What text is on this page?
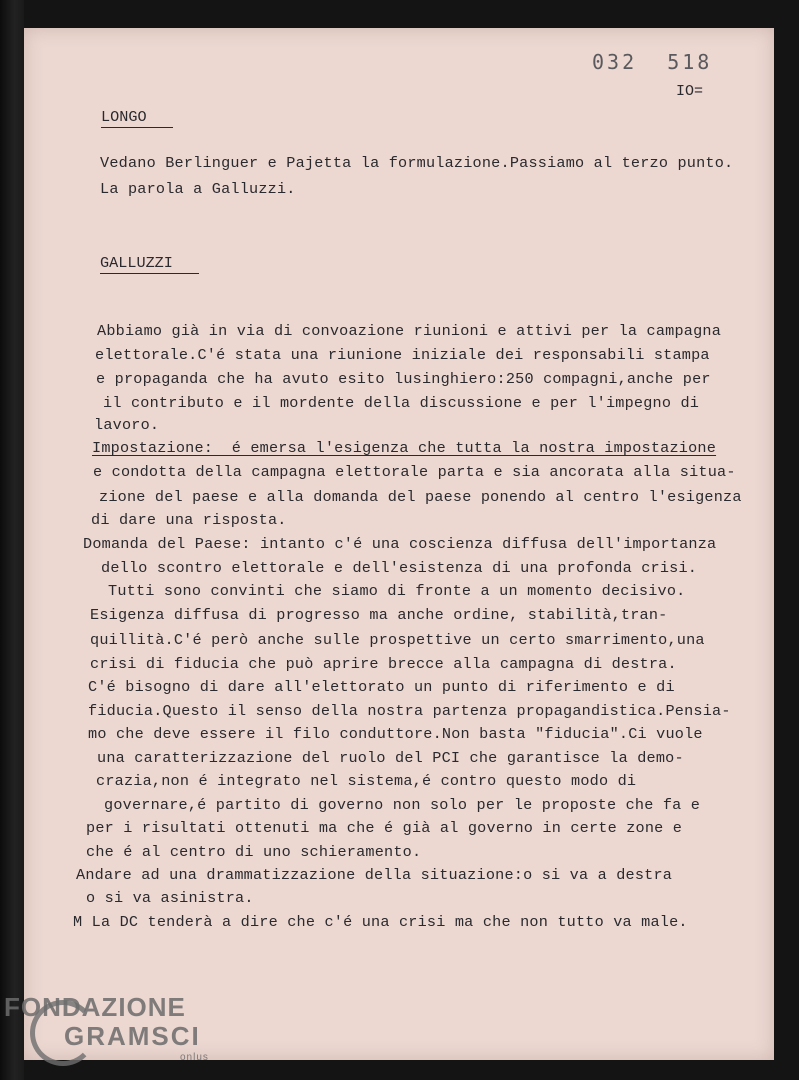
032 518
IO=
LONGO
Vedano Berlinguer e Pajetta la formulazione.Passiamo al terzo punto.
La parola a Galluzzi.
GALLUZZI
Abbiamo già in via di convoazione riunioni e attivi per la campagna
elettorale.C'é stata una riunione iniziale dei responsabili stampa
e propaganda che ha avuto esito lusinghiero:250 compagni,anche per
il contributo e il mordente della discussione e per l'impegno di
lavoro.
Impostazione:  é emersa l'esigenza che tutta la nostra impostazione
e condotta della campagna elettorale parta e sia ancorata alla situa-
zione del paese e alla domanda del paese ponendo al centro l'esigenza
di dare una risposta.
Domanda del Paese: intanto c'é una coscienza diffusa dell'importanza
dello scontro elettorale e dell'esistenza di una profonda crisi.
Tutti sono convinti che siamo di fronte a un momento decisivo.
Esigenza diffusa di progresso ma anche ordine, stabilità,tran-
quillità.C'é però anche sulle prospettive un certo smarrimento,una
crisi di fiducia che può aprire brecce alla campagna di destra.
C'é bisogno di dare all'elettorato un punto di riferimento e di
fiducia.Questo il senso della nostra partenza propagandistica.Pensia-
mo che deve essere il filo conduttore.Non basta "fiducia".Ci vuole
una caratterizzazione del ruolo del PCI che garantisce la demo-
crazia,non é integrato nel sistema,é contro questo modo di
governare,é partito di governo non solo per le proposte che fa e
per i risultati ottenuti ma che é già al governo in certe zone e
che é al centro di uno schieramento.
Andare ad una drammatizzazione della situazione:o si va a destra
o si va asinistra.
M La DC tenderà a dire che c'é una crisi ma che non tutto va male.
FONDAZIONE
GRAMSCI
onlus
